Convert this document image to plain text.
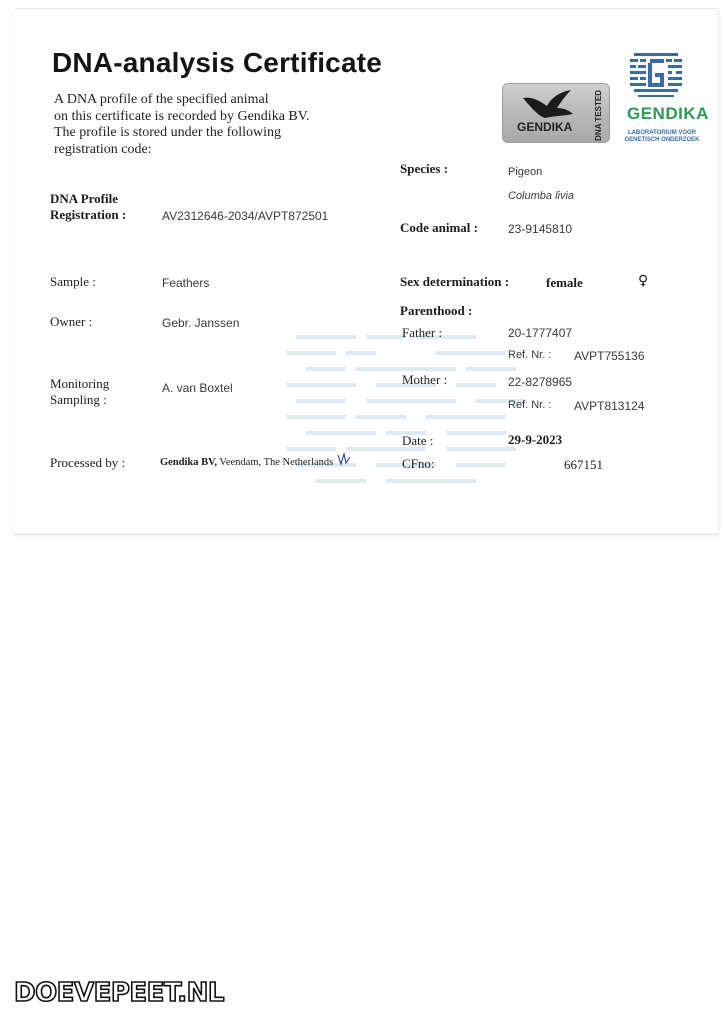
DNA-analysis Certificate
A DNA profile of the specified animal
on this certificate is recorded by Gendika BV.
The profile is stored under the following
registration code:
GENDIKA	DNA TESTED GENDIKA
LABORATORIUM VOOR
GENETISCH ONDERZOEK
DNA Profile
Registration :	AV2312646-2034/AVPT872501
Sample :	Feathers
Owner :	Gebr. Janssen
Monitoring
Sampling :
A. van Boxtel
Processed by :	Gendika BV, Veendam, The Netherlands
Species :	Pigeon
Columba livia
Code animal :	23-9145810
Sex determination :	female	♀
Parenthood :
Father :	20-1777407
Ref. Nr. : AVPT755136
Mother :	22-8278965
Ref. Nr. : AVPT813124
Date :	29-9-2023
CFno:	667151
DOEVEPEET.NL
